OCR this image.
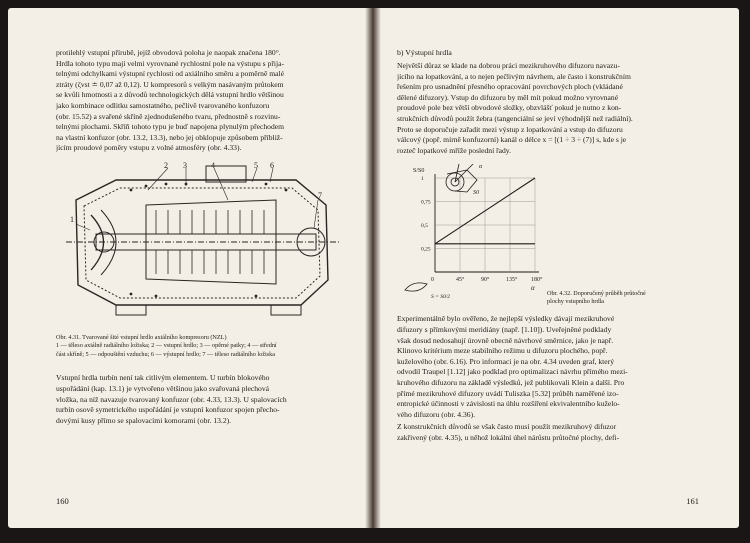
protilehlý vstupní přírubě, jejíž obvodová poloha je naopak značena 180°.
Hrdla tohoto typu mají velmi vyrovnané rychlostní pole na výstupu s přija-
telnými odchylkami výstupní rychlosti od axiálního směru a poměrně malé
ztráty (ζvst ≐ 0,07 až 0,12). U kompresorů s velkým nasávaným průtokem
se kvůli hmotnosti a z důvodů technologických dělá vstupní hrdlo většinou
jako kombinace odlitku samostatného, pečlivě tvarovaného konfuzoru
(obr. 15.52) a svařené skříně zjednodušeného tvaru, přednostně s rozvinu-
telnými plochami. Skříň tohoto typu je buď napojena plynulým přechodem
na vlastní konfuzor (obr. 13.2, 13.3), nebo jej obklopuje způsobem příbliž-
jícím proudové poměry vstupu z volné atmosféry (obr. 4.33).

1
2 3	4	5 6
7
Obr. 4.31. Tvarované šité vstupní hrdlo axiálního kompresoru (NZL)
1 — těleso axiálně radiálního ložiska; 2 — vstupní hrdlo; 3 — opěrné patky; 4 — střední
část skříně; 5 — odpouštění vzduchu; 6 — výstupní hrdlo; 7 — těleso radiálního ložiska

Vstupní hrdla turbín není tak citlivým elementem. U turbín blokového
uspořádání (kap. 13.1) je vytvořeno většinou jako svařovaná plechová
vložka, na níž navazuje tvarovaný konfuzor (obr. 4.33, 13.3). U spalovacích
turbín osově symetrického uspořádání je vstupní konfuzor spojen přecho-
dovými kusy přímo se spalovacími komorami (obr. 13.2).

160
b) Výstupní hrdla

Největší důraz se klade na dobrou práci mezikruhového difuzoru navazu-
jícího na lopatkování, a to nejen pečlivým návrhem, ale často i konstrukčním
řešením pro usnadnění přesného opracování povrchových ploch (vkládané
dělené difuzory). Vstup do difuzoru by měl mít pokud možno vyrovnané
proudové pole bez větší obvodové složky, obzvlášť pokud je nutno z kon-
strukčních důvodů použít žebra (tangenciální se jeví výhodnější než radiální).
Proto se doporučuje zařadit mezi výstup z lopatkování a vstup do difuzoru
válcový (popř. mírně konfuzorní) kanál o délce x = [(1 ÷ 3 ÷ (7)] s, kde s je
rozteč lopatkové mříže poslední řady.

0	45°	90°	135° 180°
1
0,75
0,5
0,25
S/S0
α
α
S0
S = S0/2	Obr. 4.32. Doporučený průběh průtočné
plochy vstupního hrdla

Experimentálně bylo ověřeno, že nejlepší výsledky dávají mezikruhové
difuzory s přímkovými meridiány (např. [1.10]). Uveřejněné podklady
však dosud nedosahují úrovně obecně návrhové směrnice, jako je např.
Klinovo kritérium meze stabilního režimu u difuzoru plochého, popř.
kuželového (obr. 6.16). Pro informaci je na obr. 4.34 uveden graf, který
odvodil Traupel [1.12] jako podklad pro optimalizaci návrhu přímého mezi-
kruhového difuzoru na základě výsledků, jež publikovali Klein a další. Pro
přímé mezikruhové difuzory uvádí Tuliszka [5.32] průběh naměřené izo-
entropické účinnosti v závislosti na úhlu rozšíření ekvivalentního kuželo-
vého difuzoru (obr. 4.36).

Z konstrukčních důvodů se však často musí použít mezikruhový difuzor
zakřivený (obr. 4.35), u něhož lokální úhel nárůstu průtočné plochy, defi-

161
